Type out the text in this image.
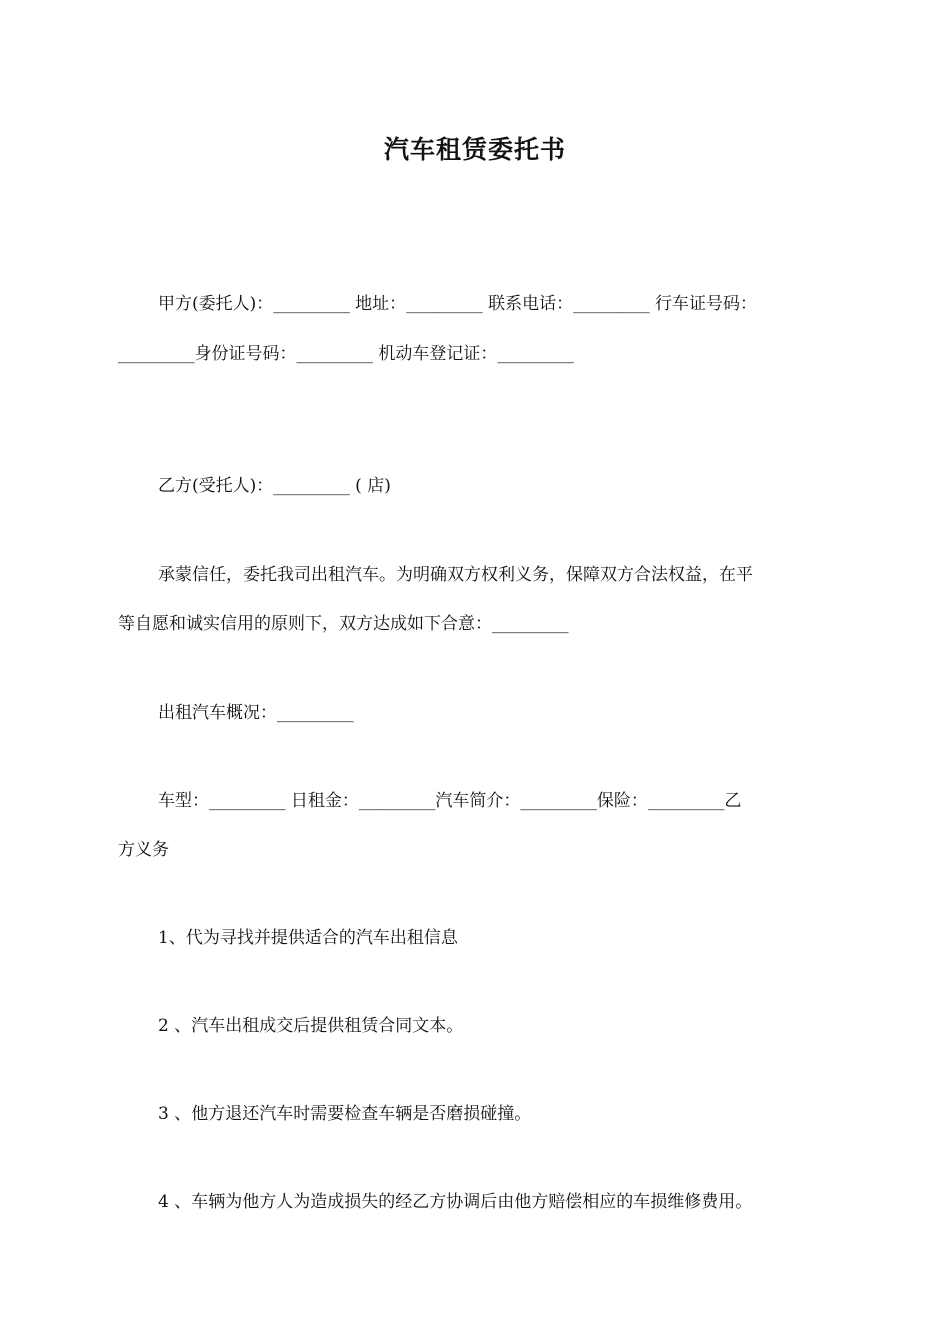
汽车租赁委托书
甲方(委托人)：_________ 地址：_________ 联系电话：_________ 行车证号码：
_________身份证号码：_________ 机动车登记证：_________
乙方(受托人)：_________ ( 店)
承蒙信任，委托我司出租汽车。为明确双方权利义务，保障双方合法权益，在平
等自愿和诚实信用的原则下，双方达成如下合意：_________
出租汽车概况：_________
车型：_________ 日租金：_________汽车简介：_________保险：_________乙
方义务
1、代为寻找并提供适合的汽车出租信息
2 、汽车出租成交后提供租赁合同文本。
3 、他方退还汽车时需要检查车辆是否磨损碰撞。
4 、车辆为他方人为造成损失的经乙方协调后由他方赔偿相应的车损维修费用。
